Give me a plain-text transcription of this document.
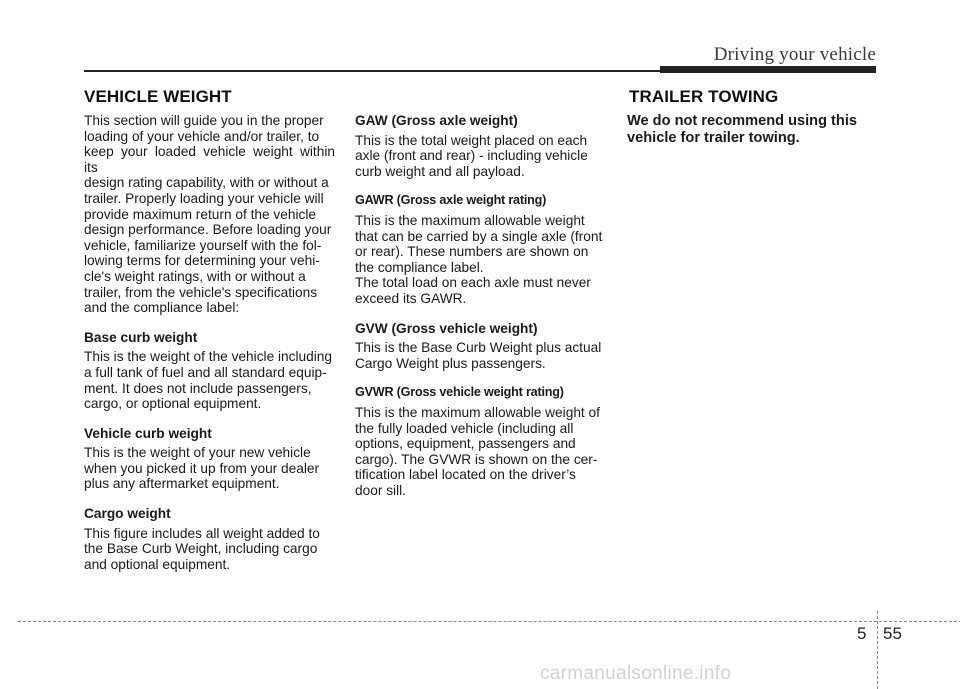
Driving your vehicle
VEHICLE WEIGHT	TRAILER TOWING
This section will guide you in the proper
loading of your vehicle and/or trailer, to
keep your loaded vehicle weight within its
design rating capability, with or without a
trailer. Properly loading your vehicle will
provide maximum return of the vehicle
design performance. Before loading your
vehicle, familiarize yourself with the fol-
lowing terms for determining your vehi-
cle's weight ratings, with or without a
trailer, from the vehicle's specifications
and the compliance label:
Base curb weight
This is the weight of the vehicle including
a full tank of fuel and all standard equip-
ment. It does not include passengers,
cargo, or optional equipment.
Vehicle curb weight
This is the weight of your new vehicle
when you picked it up from your dealer
plus any aftermarket equipment.
Cargo weight
This figure includes all weight added to
the Base Curb Weight, including cargo
and optional equipment.
GAW (Gross axle weight)
This is the total weight placed on each
axle (front and rear) - including vehicle
curb weight and all payload.
GAWR (Gross axle weight rating)
This is the maximum allowable weight
that can be carried by a single axle (front
or rear). These numbers are shown on
the compliance label.
The total load on each axle must never
exceed its GAWR.
GVW (Gross vehicle weight)
This is the Base Curb Weight plus actual
Cargo Weight plus passengers.
GVWR (Gross vehicle weight rating)
This is the maximum allowable weight of
the fully loaded vehicle (including all
options, equipment, passengers and
cargo). The GVWR is shown on the cer-
tification label located on the driver’s
door sill.
We do not recommend using this
vehicle for trailer towing.
5 55
carmanualsonline.info
